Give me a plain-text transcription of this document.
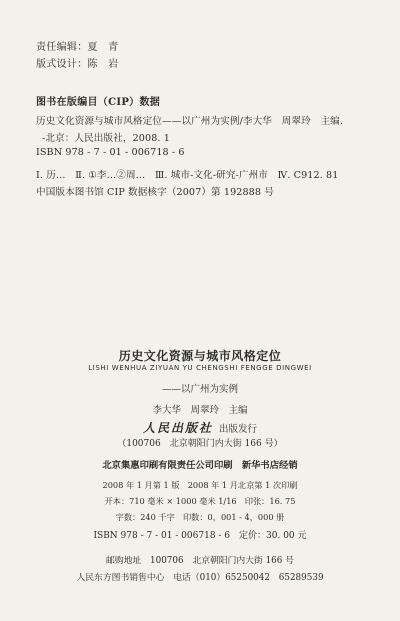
责任编辑：夏　青
版式设计：陈　岩
图书在版编目（CIP）数据
历史文化资源与城市风格定位——以广州为实例/李大华　周翠玲　主编.
-北京：人民出版社，2008. 1
ISBN 978 - 7 - 01 - 006718 - 6
Ⅰ. 历…　Ⅱ. ①李…②周…　Ⅲ. 城市-文化-研究-广州市　Ⅳ. C912. 81
中国版本图书馆 CIP 数据核字（2007）第 192888 号
历史文化资源与城市风格定位
LISHI WENHUA ZIYUAN YU CHENGSHI FENGGE DINGWEI
——以广州为实例
李大华　周翠玲　主编
人民出版社 出版发行
（100706　北京朝阳门内大街 166 号）
北京集惠印刷有限责任公司印刷　新华书店经销
2008 年 1 月第 1 版　2008 年 1 月北京第 1 次印刷
开本：710 毫米 × 1000 毫米 1/16　印张：16. 75
字数：240 千字　印数：0，001 - 4，000 册
ISBN 978 - 7 - 01 - 006718 - 6　定价：30. 00 元
邮购地址　100706　北京朝阳门内大街 166 号
人民东方图书销售中心　电话（010）65250042　65289539
